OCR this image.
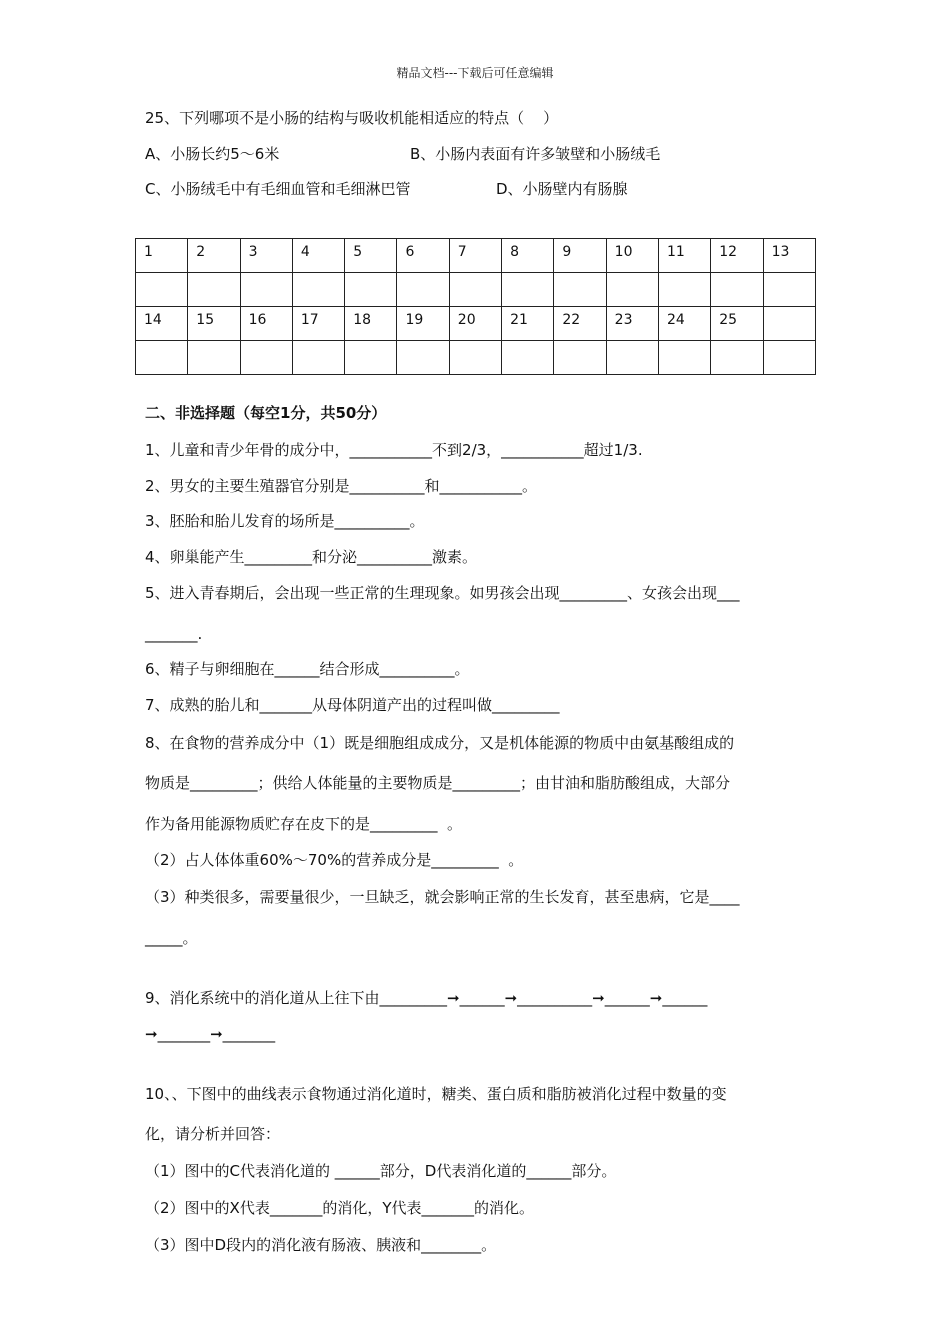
精品文档---下载后可任意编辑
25、下列哪项不是小肠的结构与吸收机能相适应的特点（    ）
A、小肠长约5～6米	B、小肠内表面有许多皱壁和小肠绒毛
C、小肠绒毛中有毛细血管和毛细淋巴管	D、小肠壁内有肠腺
1	2	3	4	5	6	7	8	9	10	11	12	13

14	15	16	17	18	19	20	21	22	23	24	25	

二、非选择题（每空1分，共50分）
1、儿童和青少年骨的成分中，___________不到2/3，___________超过1/3.
2、男女的主要生殖器官分别是__________和___________。
3、胚胎和胎儿发育的场所是__________。
4、卵巢能产生_________和分泌__________激素。
5、进入青春期后，会出现一些正常的生理现象。如男孩会出现_________、女孩会出现___
_______.
6、精子与卵细胞在______结合形成__________。
7、成熟的胎儿和_______从母体阴道产出的过程叫做_________
8、在食物的营养成分中（1）既是细胞组成成分，又是机体能源的物质中由氨基酸组成的
物质是_________；供给人体能量的主要物质是_________；由甘油和脂肪酸组成，大部分
作为备用能源物质贮存在皮下的是_________  。
（2）占人体体重60%～70%的营养成分是_________  。
（3）种类很多，需要量很少，一旦缺乏，就会影响正常的生长发育，甚至患病，它是____
_____。
9、消化系统中的消化道从上往下由_________➞______➞__________➞______➞______
➞_______➞_______
10、、下图中的曲线表示食物通过消化道时，糖类、蛋白质和脂肪被消化过程中数量的变
化，请分析并回答：
（1）图中的C代表消化道的 ______部分，D代表消化道的______部分。
（2）图中的X代表_______的消化，Y代表_______的消化。
（3）图中D段内的消化液有肠液、胰液和________。
